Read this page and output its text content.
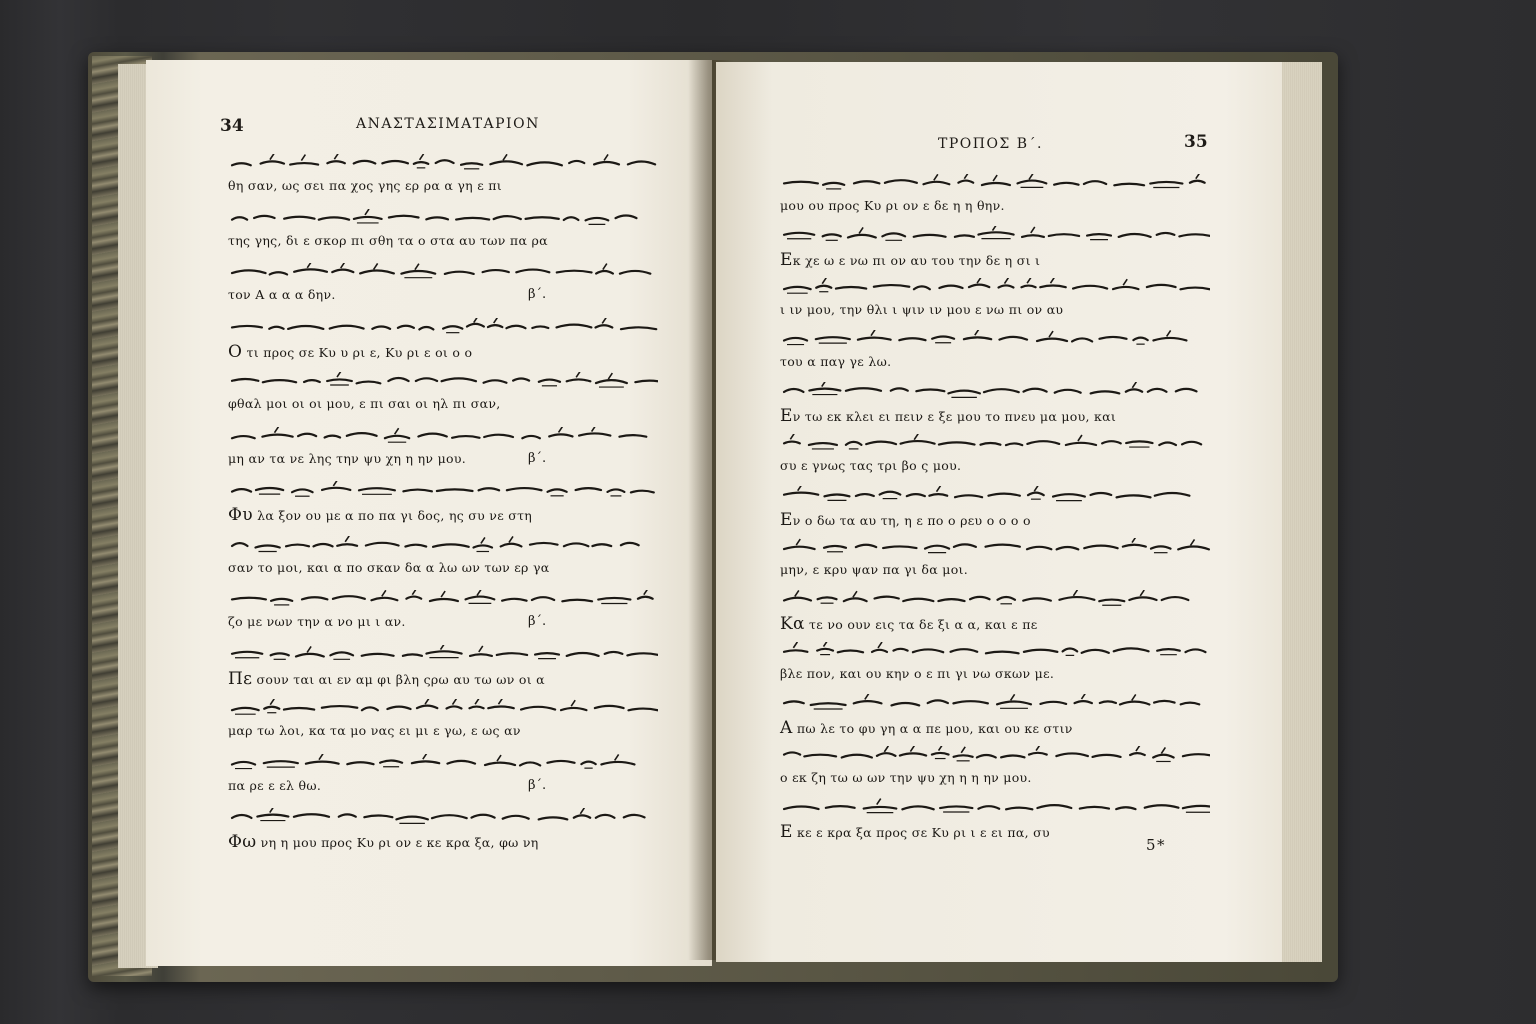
34	ΑΝΑΣΤΑΣΙΜΑΤΑΡΙΟΝ
θη σαν, ως σει πα χος γης ερ ρα α γη ε πι
της γης, δι ε σκορ πι σθη τα ο στα αυ των πα ρα
τον Α α α α δην.	β΄.
Ο τι προς σε Κυ υ ρι ε, Κυ ρι ε οι ο ο
φθαλ μοι οι οι μου, ε πι σαι οι ηλ πι σαν,
μη αν τα νε λης την ψυ χη η ην μου.	β΄.
Φυ λα ξον ου με α πο πα γι δος, ης συ νε στη
σαν το μοι, και α πο σκαν δα α λω ων των ερ γα
ζο με νων την α νο μι ι αν.	β΄.
Πε σουν ται αι εν αμ φι βλη ςρω αυ τω ων οι α
μαρ τω λοι, κα τα μο νας ει μι ε γω, ε ως αν
πα ρε ε ελ θω.	β΄.
Φω νη η μου προς Κυ ρι ον ε κε κρα ξα, φω νη
ΤΡΟΠΟΣ Β΄.	35
μου ου προς Κυ ρι ον ε δε η η θην.
Εκ χε ω ε νω πι ον αυ του την δε η σι ι
ι ιν μου, την θλι ι ψιν ιν μου ε νω πι ον αυ
του α παγ γε λω.
Εν τω εκ κλει ει πειν ε ξε μου το πνευ μα μου, και
συ ε γνως τας τρι βο ς μου.
Εν ο δω τα αυ τη, η ε πο ο ρευ ο ο ο ο
μην, ε κρυ ψαν πα γι δα μοι.
Κα τε νο ουν εις τα δε ξι α α, και ε πε
βλε πον, και ου κην ο ε πι γι νω σκων με.
Α πω λε το φυ γη α α πε μου, και ου κε στιν
ο εκ ζη τω ω ων την ψυ χη η η ην μου.
Ε κε ε κρα ξα προς σε Κυ ρι ι ε ει πα, συ
5*
